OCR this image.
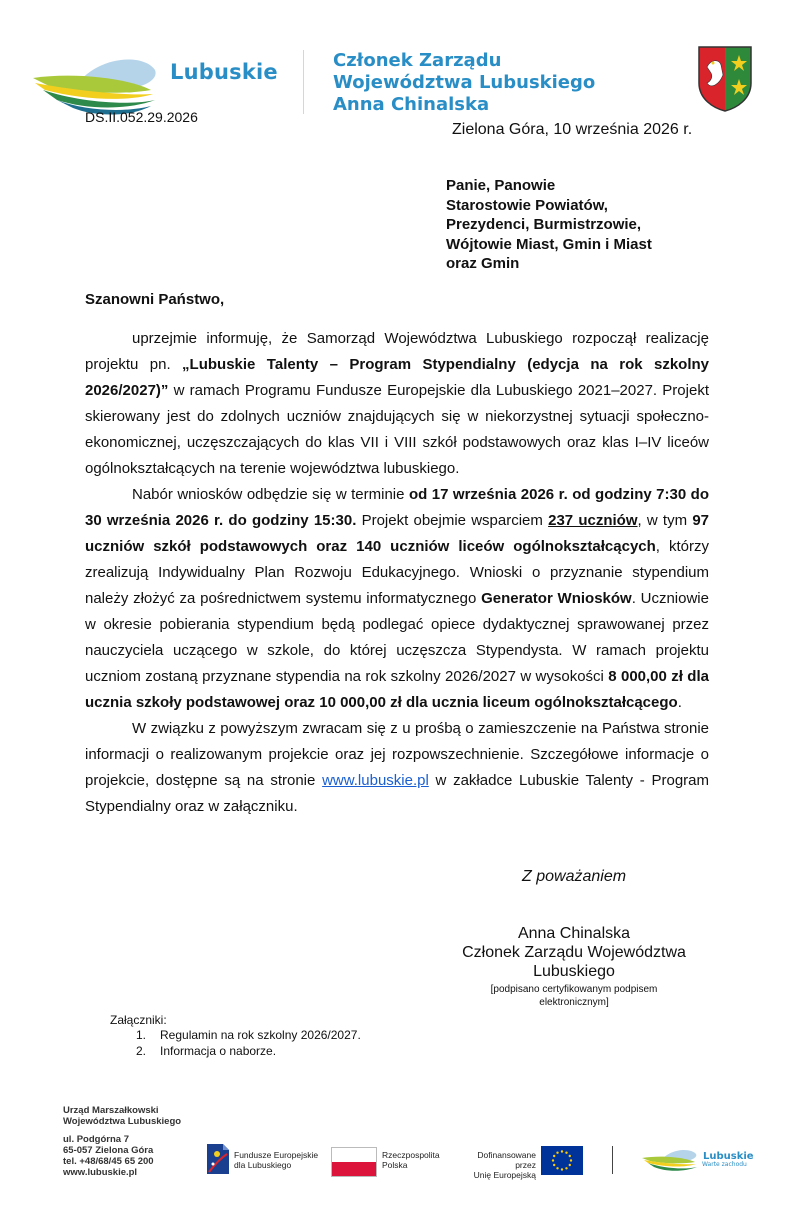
Lubuskie	Członek Zarządu
Województwa Lubuskiego
Anna Chinalska
DS.II.052.29.2026
Zielona Góra, 10 września 2026 r.
Panie, Panowie
Starostowie Powiatów,
Prezydenci, Burmistrzowie,
Wójtowie Miast, Gmin i Miast
oraz Gmin
Szanowni Państwo,

uprzejmie informuję, że Samorząd Województwa Lubuskiego rozpoczął realizację projektu pn. „Lubuskie Talenty – Program Stypendialny (edycja na rok szkolny 2026/2027)” w ramach Programu Fundusze Europejskie dla Lubuskiego 2021–2027. Projekt skierowany jest do zdolnych uczniów znajdujących się w niekorzystnej sytuacji społeczno-ekonomicznej, uczęszczających do klas VII i VIII szkół podstawowych oraz klas I–IV liceów ogólnokształcących na terenie województwa lubuskiego.

Nabór wniosków odbędzie się w terminie od 17 września 2026 r. od godziny 7:30 do 30 września 2026 r. do godziny 15:30. Projekt obejmie wsparciem 237 uczniów, w tym 97 uczniów szkół podstawowych oraz 140 uczniów liceów ogólnokształcących, którzy zrealizują Indywidualny Plan Rozwoju Edukacyjnego. Wnioski o przyznanie stypendium należy złożyć za pośrednictwem systemu informatycznego Generator Wniosków. Uczniowie w okresie pobierania stypendium będą podlegać opiece dydaktycznej sprawowanej przez nauczyciela uczącego w szkole, do której uczęszcza Stypendysta. W ramach projektu uczniom zostaną przyznane stypendia na rok szkolny 2026/2027 w wysokości 8 000,00 zł dla ucznia szkoły podstawowej oraz 10 000,00 zł dla ucznia liceum ogólnokształcącego.

W związku z powyższym zwracam się z u prośbą o zamieszczenie na Państwa stronie informacji o realizowanym projekcie oraz jej rozpowszechnienie. Szczegółowe informacje o projekcie, dostępne są na stronie www.lubuskie.pl w zakładce Lubuskie Talenty - Program Stypendialny oraz w załączniku.

Z poważaniem
Anna Chinalska
Członek Zarządu Województwa
Lubuskiego
[podpisano certyfikowanym podpisem
elektronicznym]
Załączniki:
1. Regulamin na rok szkolny 2026/2027.
2. Informacja o naborze.
Urząd Marszałkowski
Województwa Lubuskiego
ul. Podgórna 7
65-057 Zielona Góra
tel. +48/68/45 65 200
www.lubuskie.pl
Fundusze Europejskie
dla Lubuskiego
Rzeczpospolita
Polska
Dofinansowane przez
Unię Europejską
Lubuskie
Warte zachodu
